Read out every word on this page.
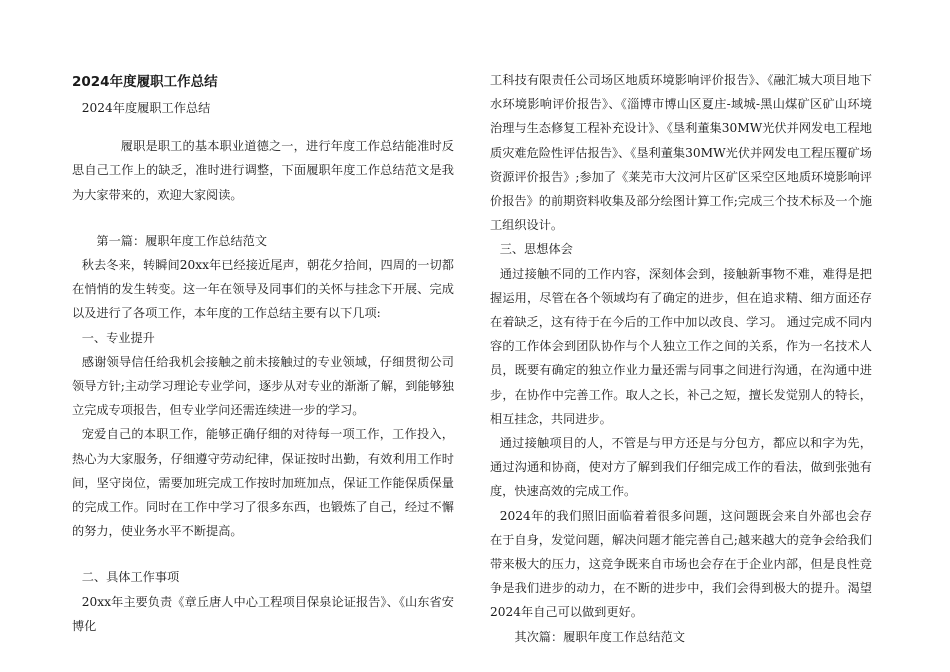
2024年度履职工作总结

2024年度履职工作总结

履职是职工的基本职业道德之一，进行年度工作总结能准时反思自己工作上的缺乏，准时进行调整，下面履职年度工作总结范文是我为大家带来的，欢迎大家阅读。

第一篇：履职年度工作总结范文

秋去冬来，转瞬间20xx年已经接近尾声，朝花夕拾间，四周的一切都在悄悄的发生转变。这一年在领导及同事们的关怀与挂念下开展、完成以及进行了各项工作，本年度的工作总结主要有以下几项:

一、专业提升

感谢领导信任给我机会接触之前未接触过的专业领域，仔细贯彻公司领导方针;主动学习理论专业学问，逐步从对专业的渐渐了解，到能够独立完成专项报告，但专业学问还需连续进一步的学习。

宠爱自己的本职工作，能够正确仔细的对待每一项工作，工作投入，热心为大家服务，仔细遵守劳动纪律，保证按时出勤，有效利用工作时间，坚守岗位，需要加班完成工作按时加班加点，保证工作能保质保量的完成工作。同时在工作中学习了很多东西，也锻炼了自己，经过不懈的努力，使业务水平不断提高。

二、具体工作事项

20xx年主要负责《章丘唐人中心工程项目保泉论证报告》、《山东省安博化

工科技有限责任公司场区地质环境影响评价报告》、《融汇城大项目地下水环境影响评价报告》、《淄博市博山区夏庄-域城-黑山煤矿区矿山环境治理与生态修复工程补充设计》、《垦利董集30MW光伏并网发电工程地质灾难危险性评估报告》、《垦利董集30MW光伏并网发电工程压覆矿场资源评价报告》;参加了《莱芜市大汶河片区矿区采空区地质环境影响评价报告》的前期资料收集及部分绘图计算工作;完成三个技术标及一个施工组织设计。

三、思想体会

通过接触不同的工作内容，深刻体会到，接触新事物不难，难得是把握运用，尽管在各个领域均有了确定的进步，但在追求精、细方面还存在着缺乏，这有待于在今后的工作中加以改良、学习。 通过完成不同内容的工作体会到团队协作与个人独立工作之间的关系，作为一名技术人员，既要有确定的独立作业力量还需与同事之间进行沟通，在沟通中进步，在协作中完善工作。取人之长，补己之短，擅长发觉别人的特长，相互挂念，共同进步。

通过接触项目的人，不管是与甲方还是与分包方，都应以和字为先，通过沟通和协商，使对方了解到我们仔细完成工作的看法，做到张弛有度，快速高效的完成工作。

2024年的我们照旧面临着着很多问题，这问题既会来自外部也会存在于自身，发觉问题，解决问题才能完善自己;越来越大的竞争会给我们带来极大的压力，这竞争既来自市场也会存在于企业内部，但是良性竞争是我们进步的动力，在不断的进步中，我们会得到极大的提升。渴望2024年自己可以做到更好。

其次篇：履职年度工作总结范文
